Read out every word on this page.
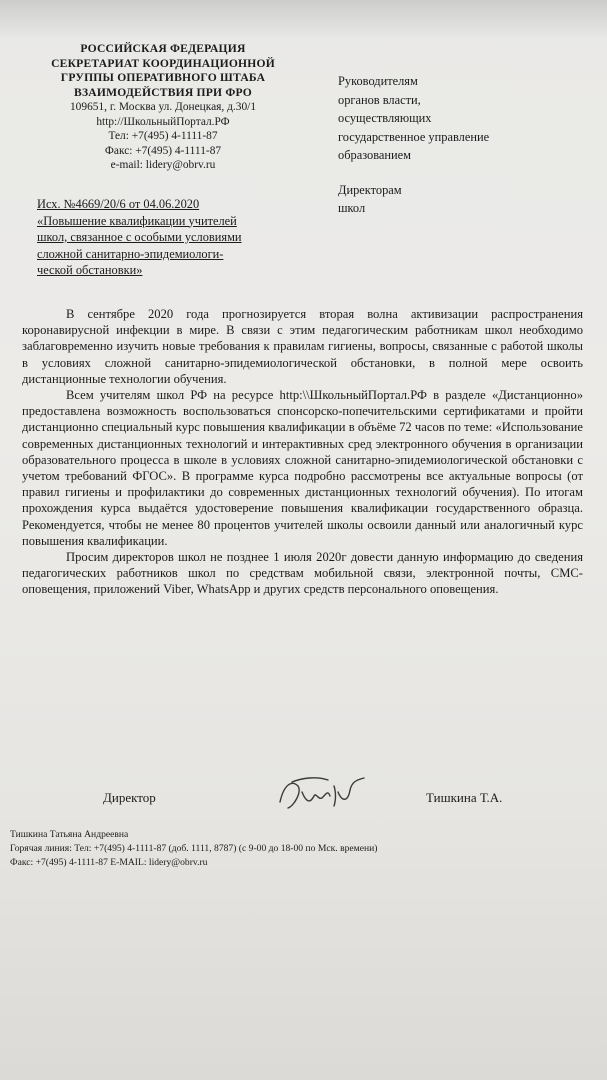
РОССИЙСКАЯ ФЕДЕРАЦИЯ
СЕКРЕТАРИАТ КООРДИНАЦИОННОЙ
ГРУППЫ ОПЕРАТИВНОГО ШТАБА
ВЗАИМОДЕЙСТВИЯ ПРИ ФРО
109651, г. Москва ул. Донецкая, д.30/1
http://ШкольныйПортал.РФ
Тел: +7(495) 4-1111-87
Факс: +7(495) 4-1111-87
e-mail: lidery@obrv.ru
Руководителям
органов власти,
осуществляющих
государственное управление
образованием
Директорам
школ
Исх. №4669/20/6 от 04.06.2020
«Повышение квалификации учителей
школ, связанное с особыми условиями
сложной санитарно-эпидемиологи-
ческой обстановки»

В сентябре 2020 года прогнозируется вторая волна активизации распространения коронавирусной инфекции в мире. В связи с этим педагогическим работникам школ необходимо заблаговременно изучить новые требования к правилам гигиены, вопросы, связанные с работой школы в условиях сложной санитарно-эпидемиологической обстановки, в полной мере освоить дистанционные технологии обучения.

Всем учителям школ РФ на ресурсе http:\\ШкольныйПортал.РФ в разделе «Дистанционно» предоставлена возможность воспользоваться спонсорско-попечительскими сертификатами и пройти дистанционно специальный курс повышения квалификации в объёме 72 часов по теме: «Использование современных дистанционных технологий и интерактивных сред электронного обучения в организации образовательного процесса в школе в условиях сложной санитарно-эпидемиологической обстановки с учетом требований ФГОС». В программе курса подробно рассмотрены все актуальные вопросы (от правил гигиены и профилактики до современных дистанционных технологий обучения). По итогам прохождения курса выдаётся удостоверение повышения квалификации государственного образца. Рекомендуется, чтобы не менее 80 процентов учителей школы освоили данный или аналогичный курс повышения квалификации.

Просим директоров школ не позднее 1 июля 2020г довести данную информацию до сведения педагогических работников школ по средствам мобильной связи, электронной почты, СМС-оповещения, приложений Viber, WhatsApp и других средств персонального оповещения.

Директор	Тишкина Т.А.
Тишкина Татьяна Андреевна
Горячая линия: Тел: +7(495) 4-1111-87 (доб. 1111, 8787) (с 9-00 до 18-00 по Мск. времени)
Факс: +7(495) 4-1111-87 E-MAIL: lidery@obrv.ru
